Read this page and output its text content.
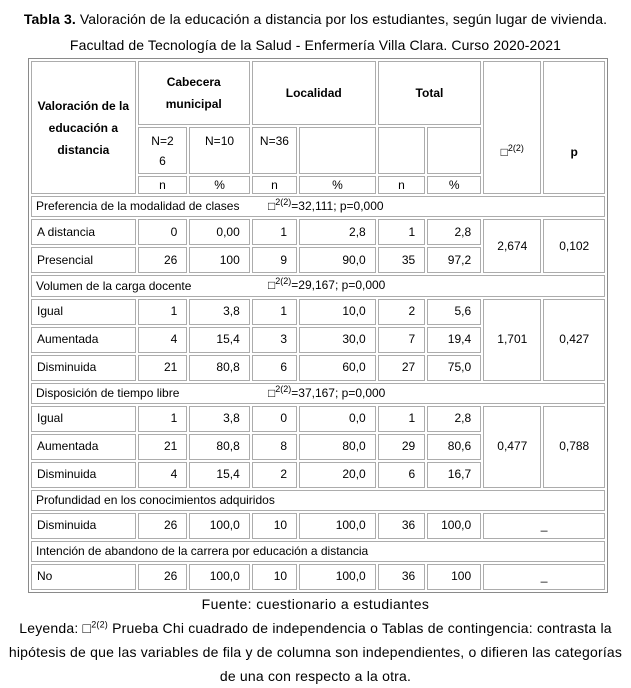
Tabla 3. Valoración de la educación a distancia por los estudiantes, según lugar de vivienda.
Facultad de Tecnología de la Salud - Enfermería Villa Clara. Curso 2020-2021
Valoración de la educación a distancia	Cabecera municipal		Localidad		Total		□$^{2(2)}$	p
	N=26	N=10	N=36					
	n	%	n	%	n	%		
Preferencia de la modalidad de clases □$^{2(2)}$=32,111; p=0,000								
A distancia	0	0,00	1	2,8	1	2,8	2,674	0,102
Presencial	26	100	9	90,0	35	97,2		
Volumen de la carga docente □$^{2(2)}$=29,167; p=0,000								
Igual	1	3,8	1	10,0	2	5,6	1,701	0,427
Aumentada	4	15,4	3	30,0	7	19,4		
Disminuida	21	80,8	6	60,0	27	75,0		
Disposición de tiempo libre □$^{2(2)}$=37,167; p=0,000								
Igual	1	3,8	0	0,0	1	2,8	0,477	0,788
Aumentada	21	80,8	8	80,0	29	80,6		
Disminuida	4	15,4	2	20,0	6	16,7		
Profundidad en los conocimientos adquiridos								
Disminuida	26	100,0	10	100,0	36	100,0	_	
Intención de abandono de la carrera por educación a distancia								
No	26	100,0	10	100,0	36	100	_	
Fuente: cuestionario a estudiantes
Leyenda: □$^{2(2)}$ Prueba Chi cuadrado de independencia o Tablas de contingencia: contrasta la hipótesis de que las variables de fila y de columna son independientes, o difieren las categorías de una con respecto a la otra.
